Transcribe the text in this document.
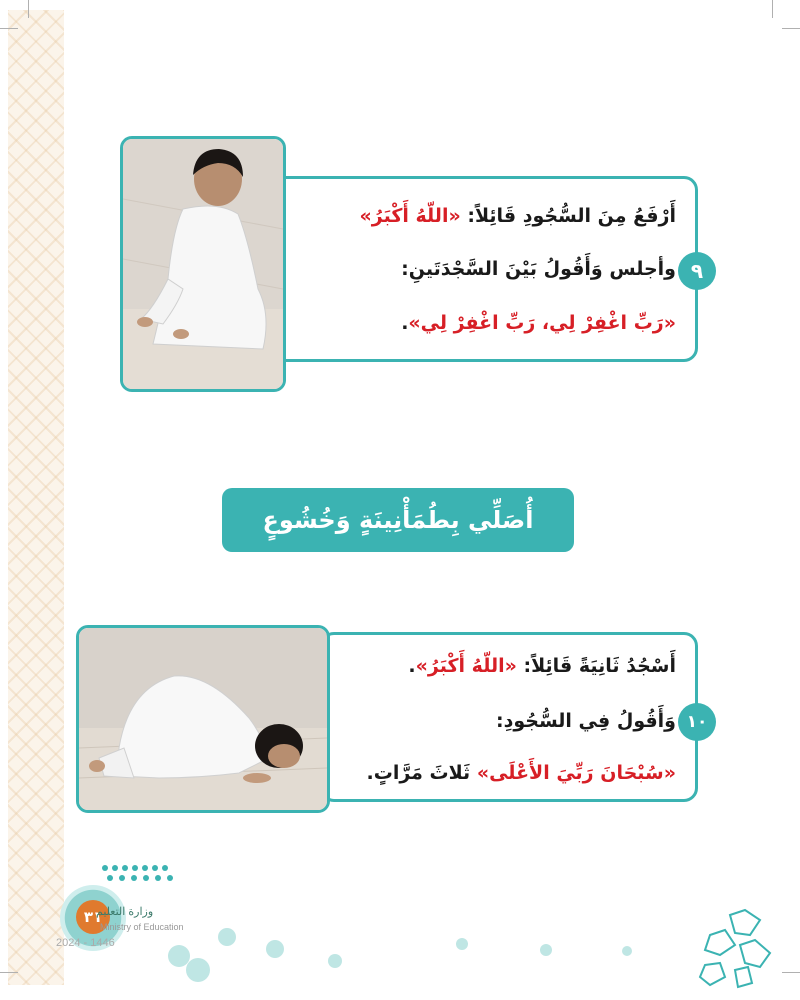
٩
أَرْفَعُ مِنَ السُّجُودِ قَائِلاً: «اللّهُ أَكْبَرُ»
وأجلس وَأَقُولُ بَيْنَ السَّجْدَتَينِ:
«رَبِّ اغْفِرْ لِي، رَبِّ اغْفِرْ لِي».
أُصَلِّي بِطُمَأْنِينَةٍ وَخُشُوعٍ
١٠
أَسْجُدُ ثَانِيَةً قَائِلاً: «اللّهُ أَكْبَرُ».
وَأَقُولُ فِي السُّجُودِ:
«سُبْحَانَ رَبِّيَ الأَعْلَى» ثَلاثَ مَرَّاتٍ.
٣١
وزارة التعليم
Ministry of Education
2024 - 1446
